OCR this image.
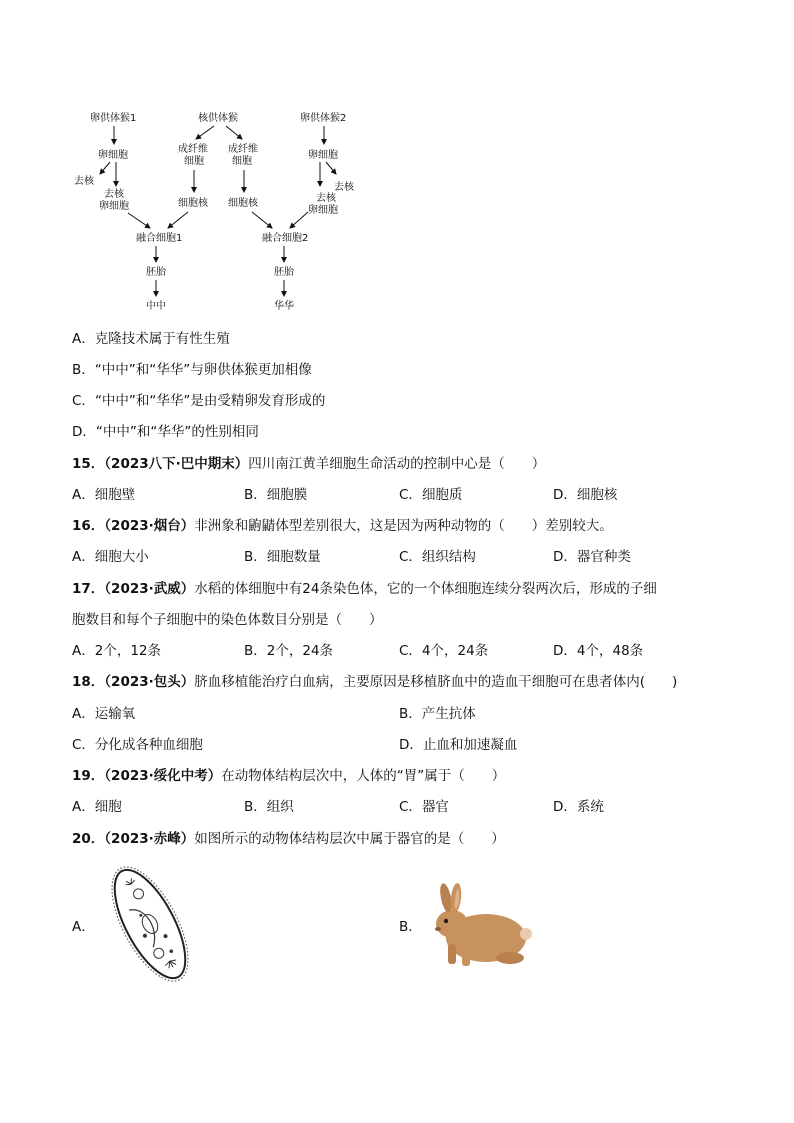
卵供体猴1
卵细胞
去核
去核
卵细胞
核供体猴
成纤维
细胞
成纤维
细胞
细胞核 细胞核
融合细胞1	融合细胞2
胚胎	胚胎
中中	华华
卵供体猴2
卵细胞
去核
去核
卵细胞
A．克隆技术属于有性生殖
B．“中中”和“华华”与卵供体猴更加相像
C．“中中”和“华华”是由受精卵发育形成的
D．“中中”和“华华”的性别相同
15．（2023八下·巴中期末）四川南江黄羊细胞生命活动的控制中心是（　　）
A．细胞壁	B．细胞膜	C．细胞质	D．细胞核
16．（2023·烟台）非洲象和鼩鼱体型差别很大，这是因为两种动物的（　　）差别较大。
A．细胞大小	B．细胞数量	C．组织结构	D．器官种类
17．（2023·武威）水稻的体细胞中有24条染色体，它的一个体细胞连续分裂两次后，形成的子细
胞数目和每个子细胞中的染色体数目分别是（　　）
A．2个，12条	B．2个，24条	C．4个，24条	D．4个，48条
18．（2023·包头）脐血移植能治疗白血病，主要原因是移植脐血中的造血干细胞可在患者体内(　　)
A．运输氧	B．产生抗体
C．分化成各种血细胞	D．止血和加速凝血
19．（2023·绥化中考）在动物体结构层次中，人体的“胃”属于（　　）
A．细胞	B．组织	C．器官	D．系统
20．（2023·赤峰）如图所示的动物体结构层次中属于器官的是（　　）
A．	B．
